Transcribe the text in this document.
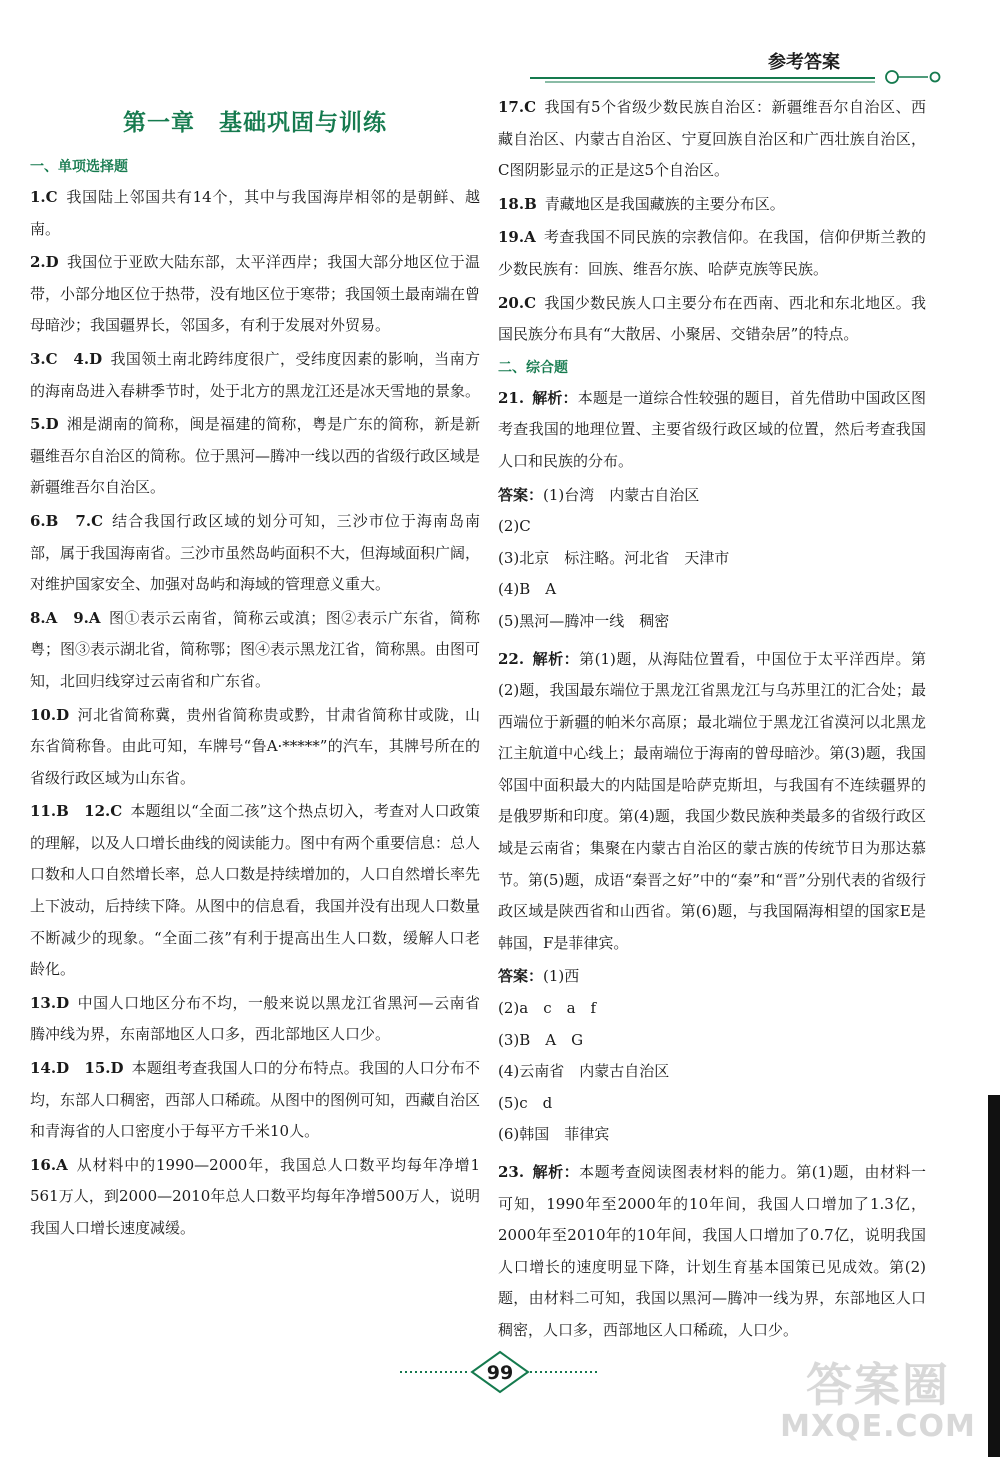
参考答案
第一章　基础巩固与训练
一、单项选择题
1.C 我国陆上邻国共有14个，其中与我国海岸相邻的是朝鲜、越南。
2.D 我国位于亚欧大陆东部，太平洋西岸；我国大部分地区位于温带，小部分地区位于热带，没有地区位于寒带；我国领土最南端在曾母暗沙；我国疆界长，邻国多，有利于发展对外贸易。
3.C　4.D 我国领土南北跨纬度很广，受纬度因素的影响，当南方的海南岛进入春耕季节时，处于北方的黑龙江还是冰天雪地的景象。
5.D 湘是湖南的简称，闽是福建的简称，粤是广东的简称，新是新疆维吾尔自治区的简称。位于黑河—腾冲一线以西的省级行政区域是新疆维吾尔自治区。
6.B　7.C 结合我国行政区域的划分可知，三沙市位于海南岛南部，属于我国海南省。三沙市虽然岛屿面积不大，但海域面积广阔，对维护国家安全、加强对岛屿和海域的管理意义重大。
8.A　9.A 图①表示云南省，简称云或滇；图②表示广东省，简称粤；图③表示湖北省，简称鄂；图④表示黑龙江省，简称黑。由图可知，北回归线穿过云南省和广东省。
10.D 河北省简称冀，贵州省简称贵或黔，甘肃省简称甘或陇，山东省简称鲁。由此可知，车牌号“鲁A·*****”的汽车，其牌号所在的省级行政区域为山东省。
11.B　12.C 本题组以“全面二孩”这个热点切入，考查对人口政策的理解，以及人口增长曲线的阅读能力。图中有两个重要信息：总人口数和人口自然增长率，总人口数是持续增加的，人口自然增长率先上下波动，后持续下降。从图中的信息看，我国并没有出现人口数量不断减少的现象。“全面二孩”有利于提高出生人口数，缓解人口老龄化。
13.D 中国人口地区分布不均，一般来说以黑龙江省黑河—云南省腾冲线为界，东南部地区人口多，西北部地区人口少。
14.D　15.D 本题组考查我国人口的分布特点。我国的人口分布不均，东部人口稠密，西部人口稀疏。从图中的图例可知，西藏自治区和青海省的人口密度小于每平方千米10人。
16.A 从材料中的1990—2000年，我国总人口数平均每年净增1 561万人，到2000—2010年总人口数平均每年净增500万人，说明我国人口增长速度减缓。
17.C 我国有5个省级少数民族自治区：新疆维吾尔自治区、西藏自治区、内蒙古自治区、宁夏回族自治区和广西壮族自治区，C图阴影显示的正是这5个自治区。
18.B 青藏地区是我国藏族的主要分布区。
19.A 考查我国不同民族的宗教信仰。在我国，信仰伊斯兰教的少数民族有：回族、维吾尔族、哈萨克族等民族。
20.C 我国少数民族人口主要分布在西南、西北和东北地区。我国民族分布具有“大散居、小聚居、交错杂居”的特点。
二、综合题
21. 解析：本题是一道综合性较强的题目，首先借助中国政区图考查我国的地理位置、主要省级行政区域的位置，然后考查我国人口和民族的分布。
答案：(1)台湾　内蒙古自治区
(2)C
(3)北京　标注略。河北省　天津市
(4)B　A
(5)黑河—腾冲一线　稠密
22. 解析：第(1)题，从海陆位置看，中国位于太平洋西岸。第(2)题，我国最东端位于黑龙江省黑龙江与乌苏里江的汇合处；最西端位于新疆的帕米尔高原；最北端位于黑龙江省漠河以北黑龙江主航道中心线上；最南端位于海南的曾母暗沙。第(3)题，我国邻国中面积最大的内陆国是哈萨克斯坦，与我国有不连续疆界的是俄罗斯和印度。第(4)题，我国少数民族种类最多的省级行政区域是云南省；集聚在内蒙古自治区的蒙古族的传统节日为那达慕节。第(5)题，成语“秦晋之好”中的“秦”和“晋”分别代表的省级行政区域是陕西省和山西省。第(6)题，与我国隔海相望的国家E是韩国，F是菲律宾。
答案：(1)西
(2)a　c　a　f
(3)B　A　G
(4)云南省　内蒙古自治区
(5)c　d
(6)韩国　菲律宾
23. 解析：本题考查阅读图表材料的能力。第(1)题，由材料一可知，1990年至2000年的10年间，我国人口增加了1.3亿，2000年至2010年的10年间，我国人口增加了0.7亿，说明我国人口增长的速度明显下降，计划生育基本国策已见成效。第(2)题，由材料二可知，我国以黑河—腾冲一线为界，东部地区人口稠密，人口多，西部地区人口稀疏，人口少。
99	答案圈
MXQE.COM
